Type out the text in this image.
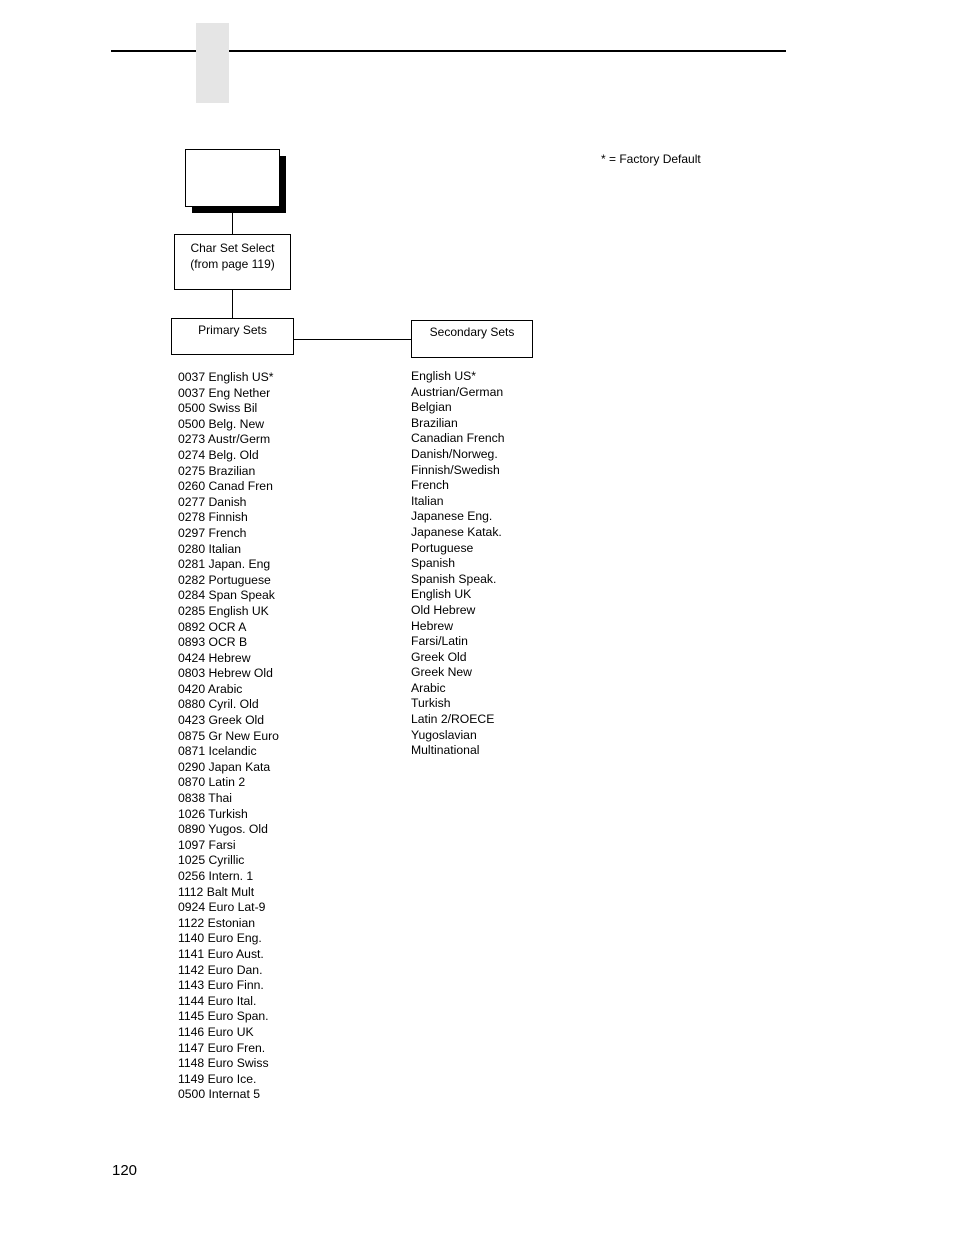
* = Factory Default
Char Set Select
(from page 119)
Primary Sets	Secondary Sets
0037 English US*
0037 Eng Nether
0500 Swiss Bil
0500 Belg. New
0273 Austr/Germ
0274 Belg. Old
0275 Brazilian
0260 Canad Fren
0277 Danish
0278 Finnish
0297 French
0280 Italian
0281 Japan. Eng
0282 Portuguese
0284 Span Speak
0285 English UK
0892 OCR A
0893 OCR B
0424 Hebrew
0803 Hebrew Old
0420 Arabic
0880 Cyril. Old
0423 Greek Old
0875 Gr New Euro
0871 Icelandic
0290 Japan Kata
0870 Latin 2
0838 Thai
1026 Turkish
0890 Yugos. Old
1097 Farsi
1025 Cyrillic
0256 Intern. 1
1112 Balt Mult
0924 Euro Lat-9
1122 Estonian
1140 Euro Eng.
1141 Euro Aust.
1142 Euro Dan.
1143 Euro Finn.
1144 Euro Ital.
1145 Euro Span.
1146 Euro UK
1147 Euro Fren.
1148 Euro Swiss
1149 Euro Ice.
0500 Internat 5
English US*
Austrian/German
Belgian
Brazilian
Canadian French
Danish/Norweg.
Finnish/Swedish
French
Italian
Japanese Eng.
Japanese Katak.
Portuguese
Spanish
Spanish Speak.
English UK
Old Hebrew
Hebrew
Farsi/Latin
Greek Old
Greek New
Arabic
Turkish
Latin 2/ROECE
Yugoslavian
Multinational
120
